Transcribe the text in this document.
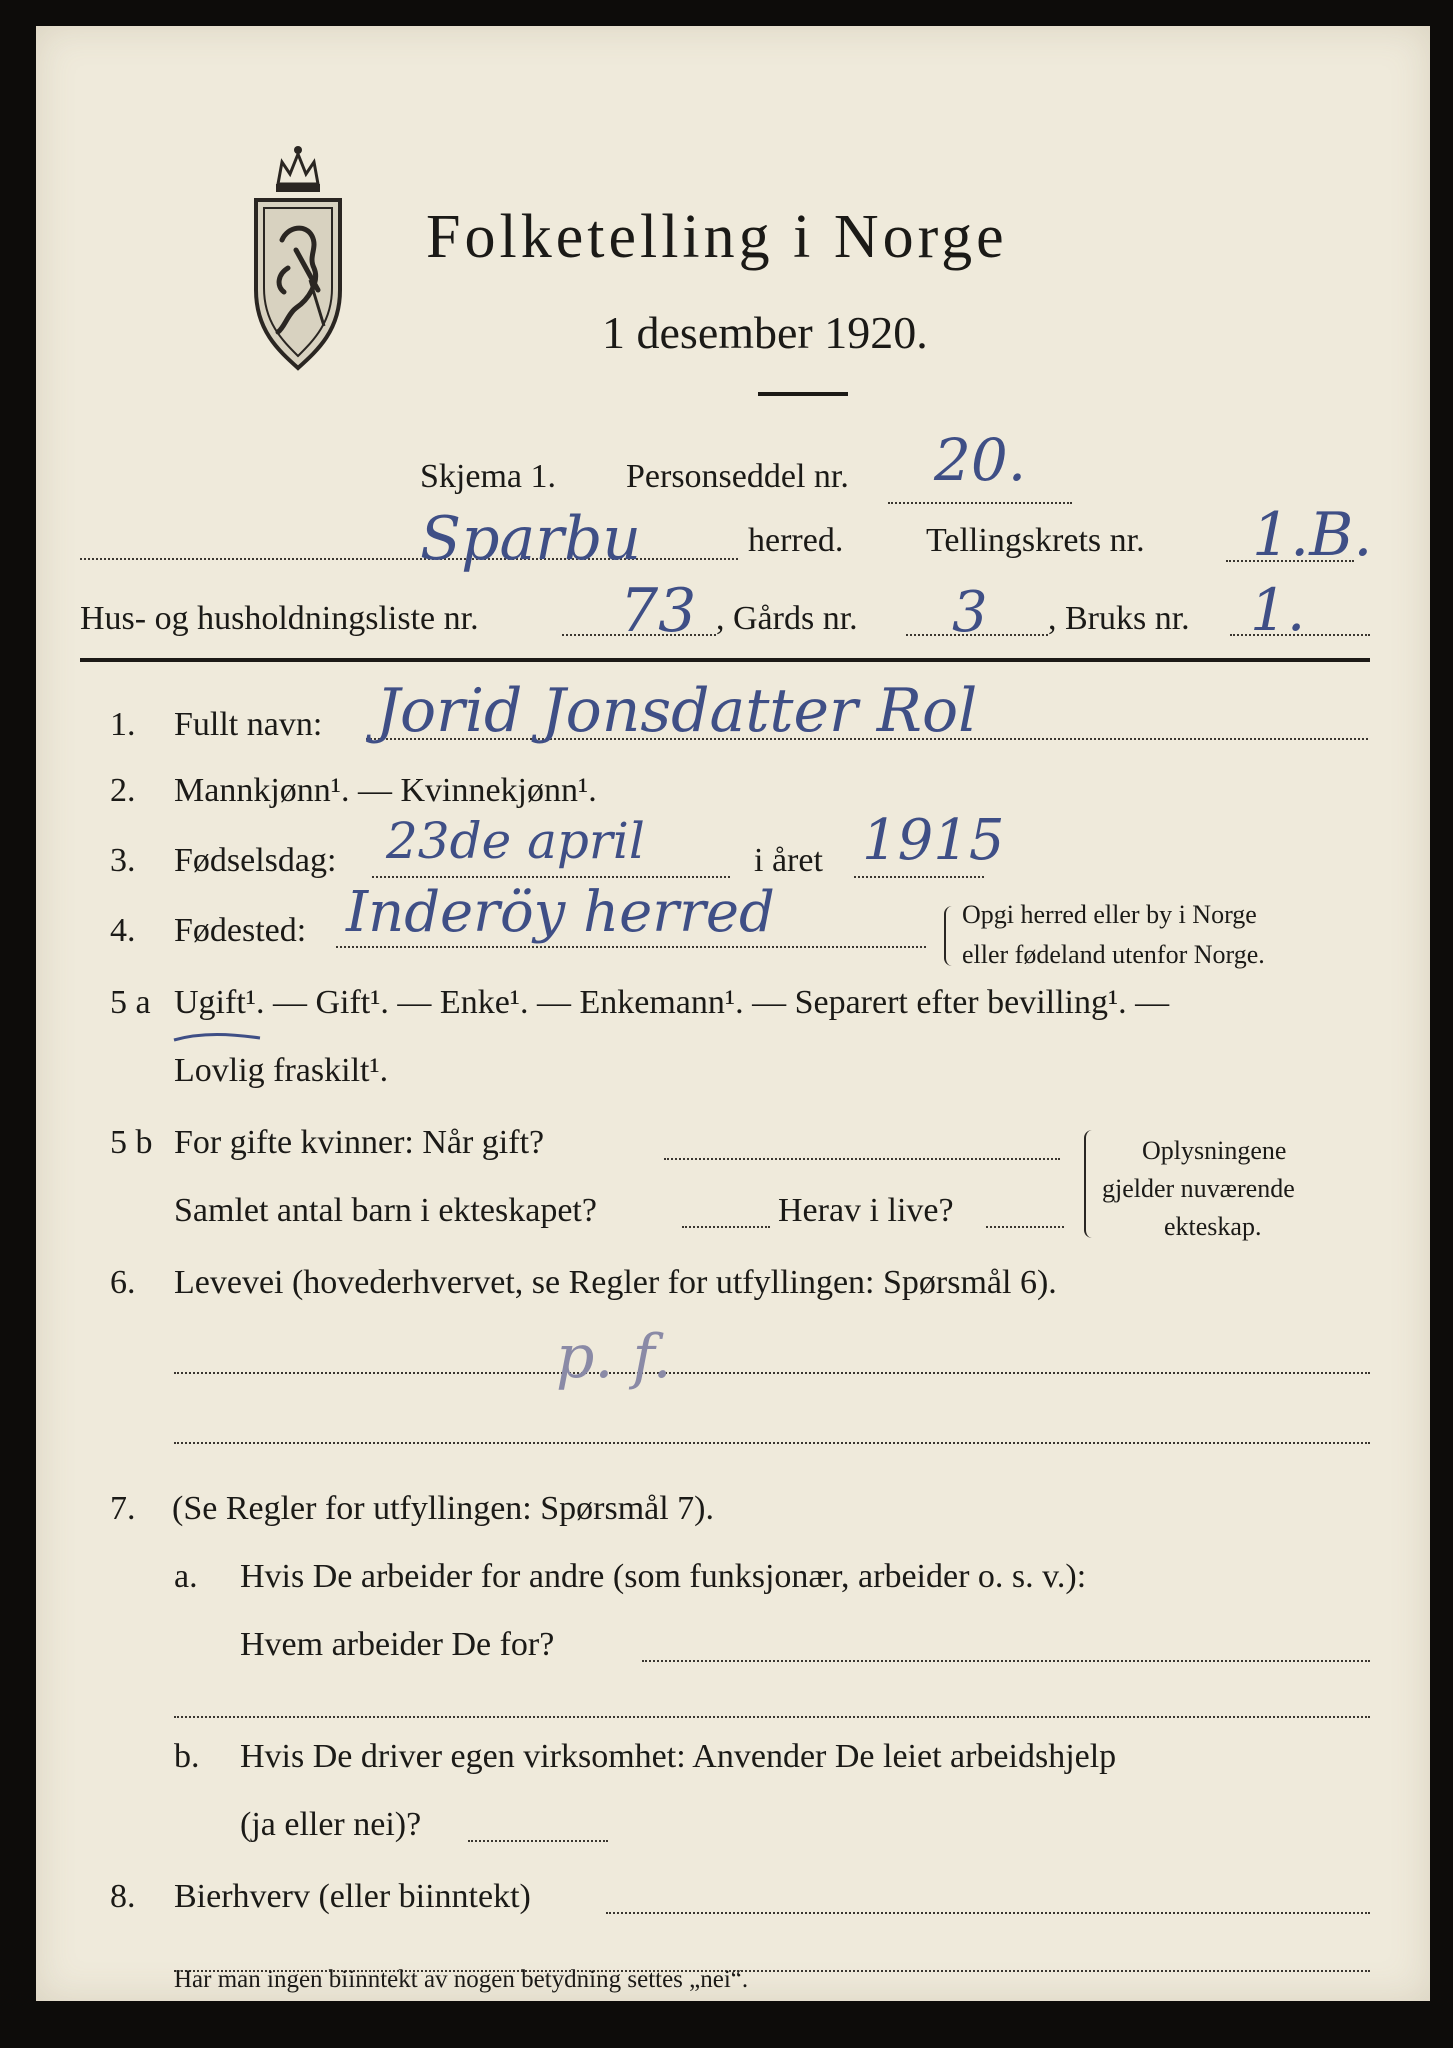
Folketelling i Norge
1 desember 1920.
Skjema 1. Personseddel nr. 20.
Sparbu	herred. Tellingskrets nr. 1.B.
Hus- og husholdningsliste nr. 73 , Gårds nr. 3 , Bruks nr. 1.
1. Fullt navn: Jorid Jonsdatter Rol
2. Mannkjønn¹. — Kvinnekjønn¹.
3. Fødselsdag: 23de april	i året 1915
4. Fødested: Inderöy herred	Opgi herred eller by i Norge
eller fødeland utenfor Norge.
5 a Ugift¹. — Gift¹. — Enke¹. — Enkemann¹. — Separert efter bevilling¹. —
Lovlig fraskilt¹.
5 b For gifte kvinner: Når gift?
Samlet antal barn i ekteskapet?	Herav i live?
Oplysningene
gjelder nuværende
ekteskap.
6. Levevei (hovederhvervet, se Regler for utfyllingen: Spørsmål 6).
p. f.
7. (Se Regler for utfyllingen: Spørsmål 7).
a. Hvis De arbeider for andre (som funksjonær, arbeider o. s. v.):
Hvem arbeider De for?
b. Hvis De driver egen virksomhet: Anvender De leiet arbeidshjelp
(ja eller nei)?
8. Bierhverv (eller biinntekt)
Har man ingen biinntekt av nogen betydning settes „nei“.
